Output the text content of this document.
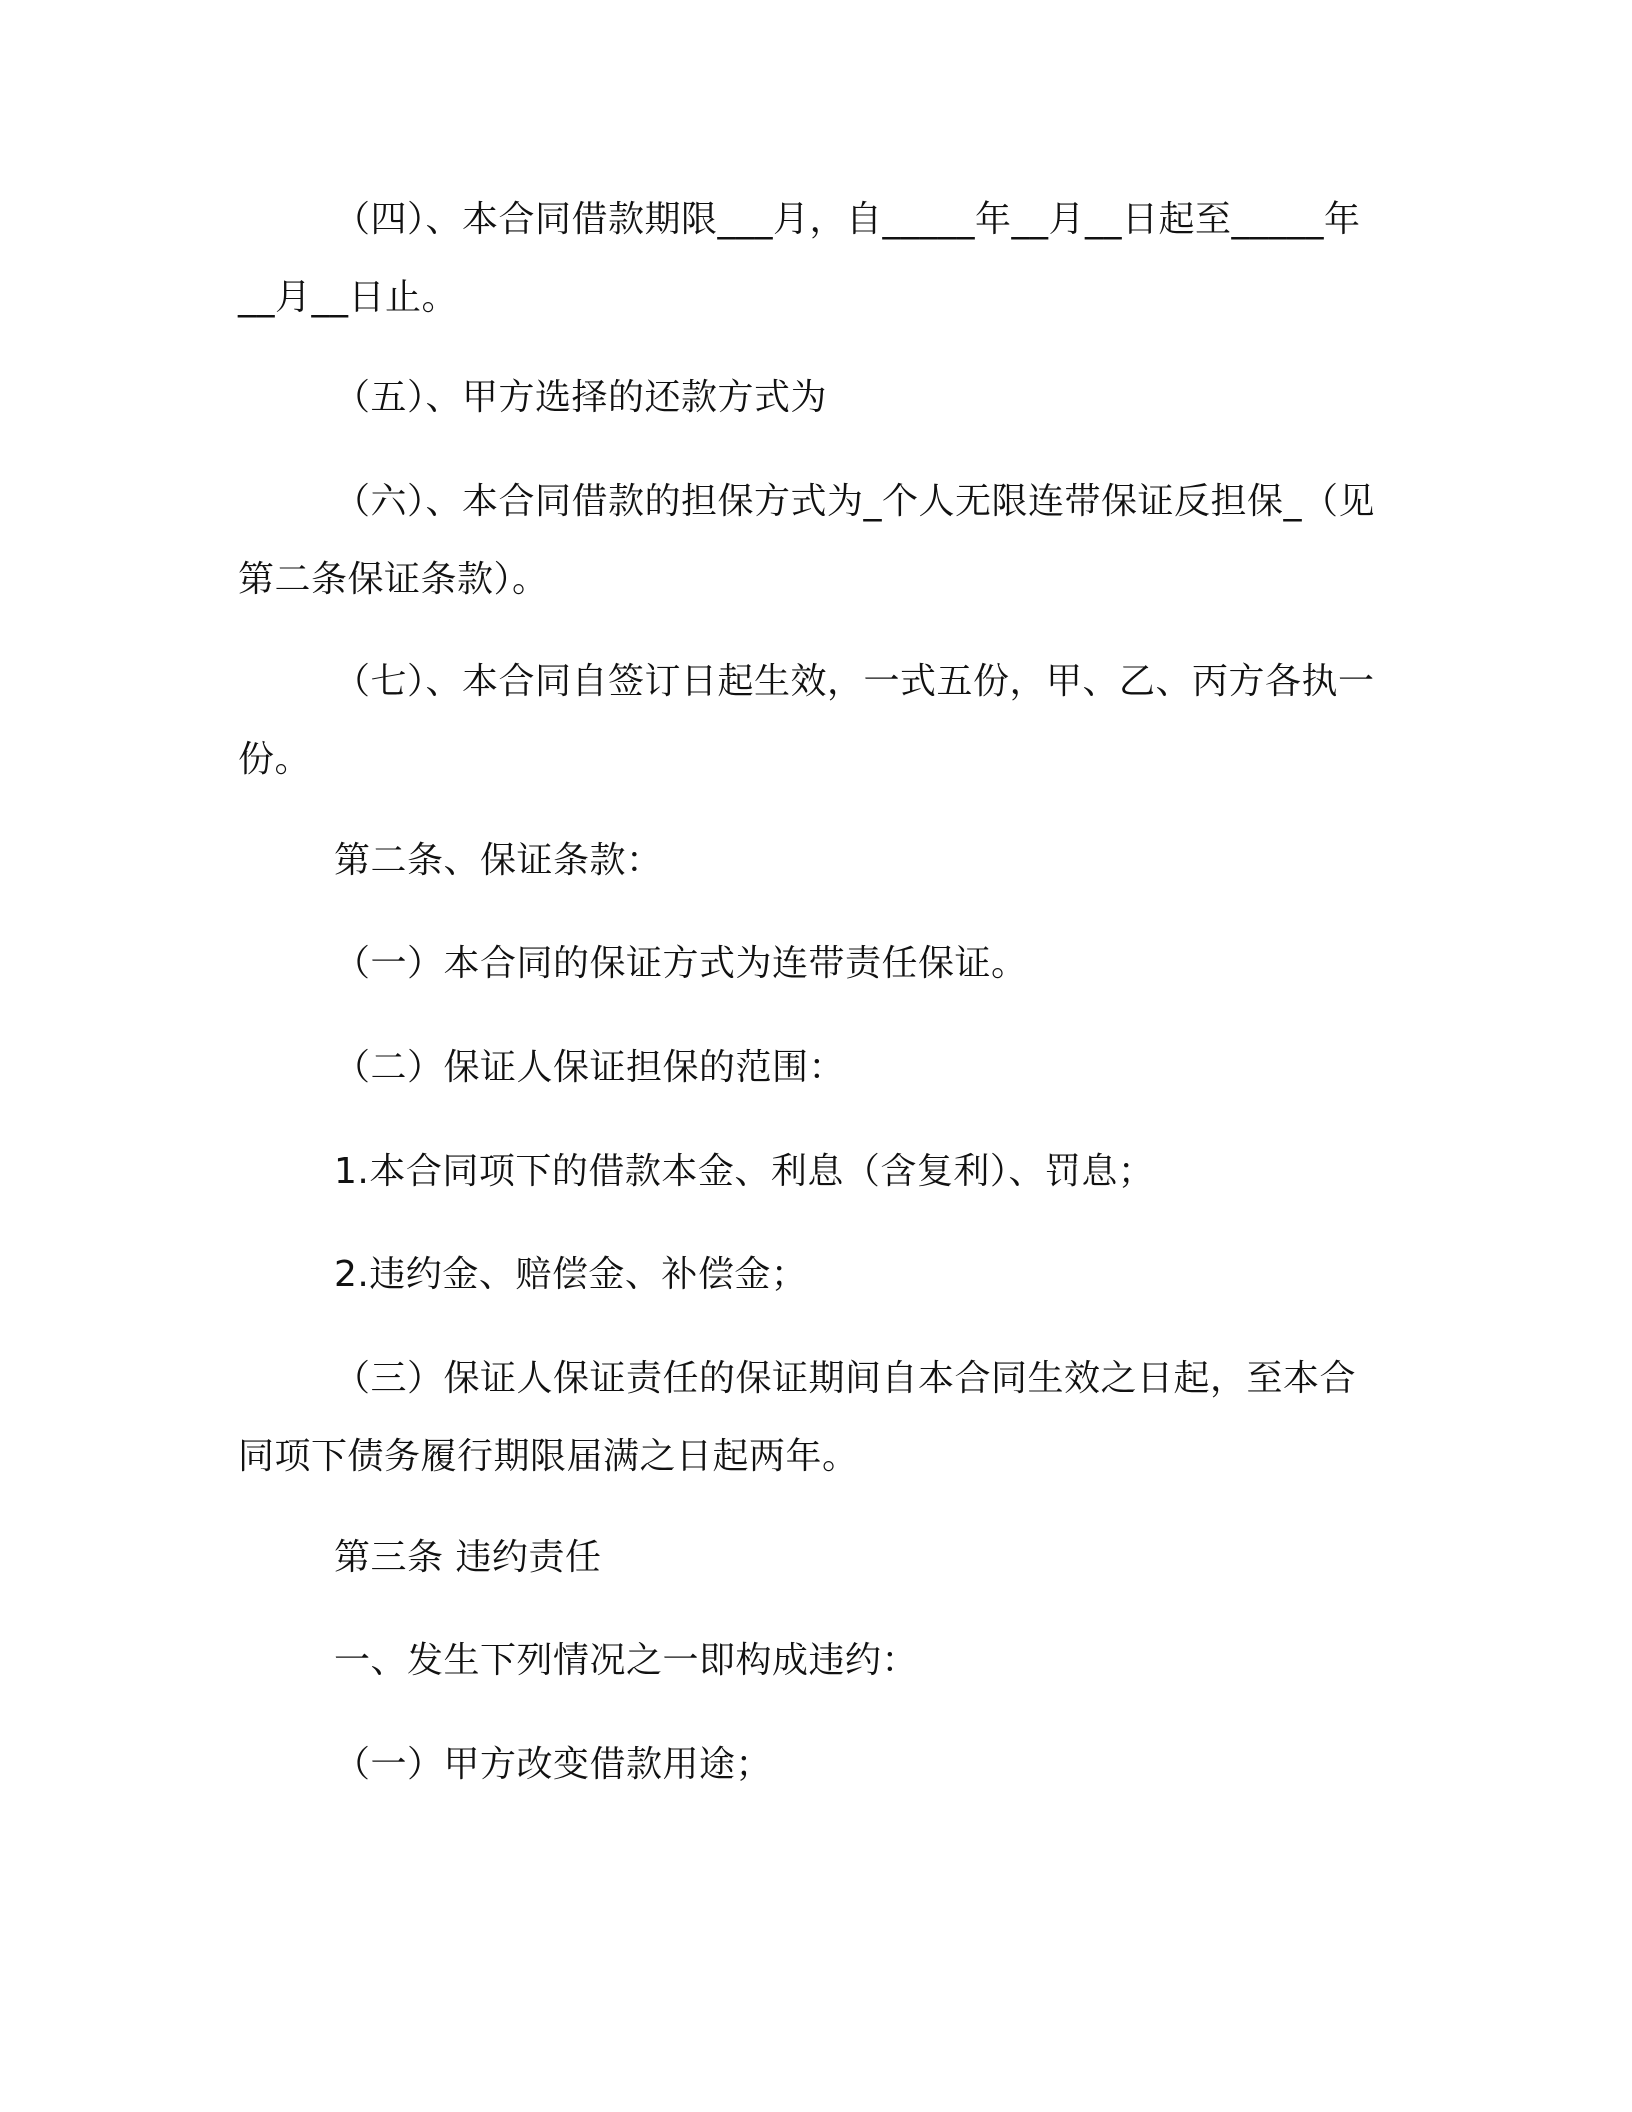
（四）、本合同借款期限___月，自_____年__月__日起至_____年__月__日止。

（五）、甲方选择的还款方式为

（六）、本合同借款的担保方式为_个人无限连带保证反担保_（见第二条保证条款）。

（七）、本合同自签订日起生效，一式五份，甲、乙、丙方各执一份。

第二条、保证条款：

（一）本合同的保证方式为连带责任保证。

（二）保证人保证担保的范围：

1.本合同项下的借款本金、利息（含复利）、罚息；

2.违约金、赔偿金、补偿金；

（三）保证人保证责任的保证期间自本合同生效之日起，至本合同项下债务履行期限届满之日起两年。

第三条 违约责任

一、发生下列情况之一即构成违约：

（一）甲方改变借款用途；
